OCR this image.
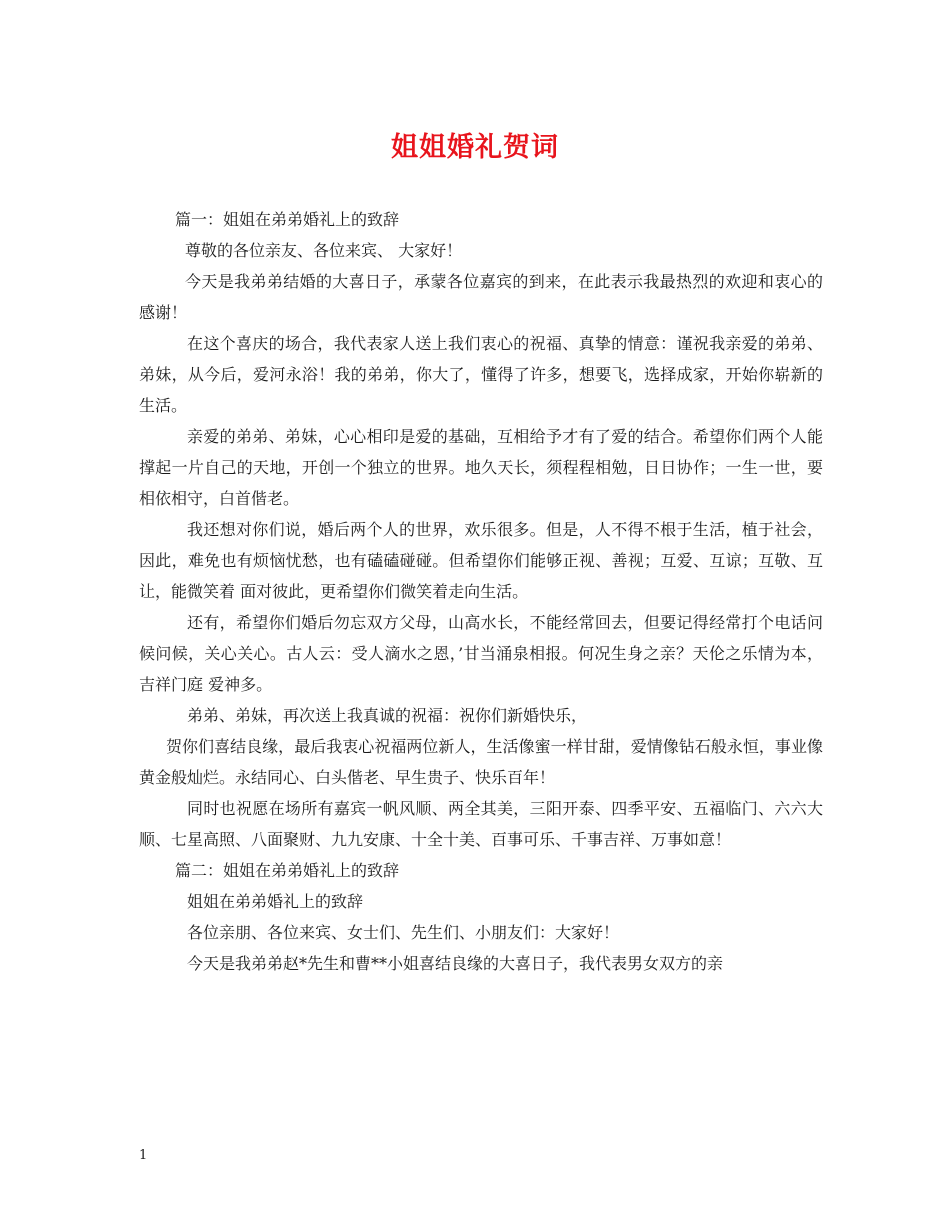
姐姐婚礼贺词

篇一：姐姐在弟弟婚礼上的致辞

尊敬的各位亲友、各位来宾、 大家好！

今天是我弟弟结婚的大喜日子，承蒙各位嘉宾的到来，在此表示我最热烈的欢迎和衷心的感谢！

在这个喜庆的场合，我代表家人送上我们衷心的祝福、真挚的情意：谨祝我亲爱的弟弟、弟妹，从今后，爱河永浴！我的弟弟，你大了，懂得了许多，想要飞，选择成家，开始你崭新的生活。

亲爱的弟弟、弟妹，心心相印是爱的基础，互相给予才有了爱的结合。希望你们两个人能撑起一片自己的天地，开创一个独立的世界。地久天长，须程程相勉，日日协作；一生一世，要相依相守，白首偕老。

我还想对你们说，婚后两个人的世界，欢乐很多。但是，人不得不根于生活，植于社会，因此，难免也有烦恼忧愁，也有磕磕碰碰。但希望你们能够正视、善视；互爱、互谅；互敬、互让，能微笑着 面对彼此，更希望你们微笑着走向生活。

还有，希望你们婚后勿忘双方父母，山高水长，不能经常回去，但要记得经常打个电话问候问候，关心关心。古人云：受人滴水之恩，’甘当涌泉相报。何况生身之亲？天伦之乐情为本，吉祥门庭 爱神多。

弟弟、弟妹，再次送上我真诚的祝福：祝你们新婚快乐，

贺你们喜结良缘，最后我衷心祝福两位新人，生活像蜜一样甘甜，爱情像钻石般永恒，事业像黄金般灿烂。永结同心、白头偕老、早生贵子、快乐百年！

同时也祝愿在场所有嘉宾一帆风顺、两全其美，三阳开泰、四季平安、五福临门、六六大顺、七星高照、八面聚财、九九安康、十全十美、百事可乐、千事吉祥、万事如意！

篇二：姐姐在弟弟婚礼上的致辞

姐姐在弟弟婚礼上的致辞

各位亲朋、各位来宾、女士们、先生们、小朋友们：大家好！

今天是我弟弟赵*先生和曹**小姐喜结良缘的大喜日子，我代表男女双方的亲

1
